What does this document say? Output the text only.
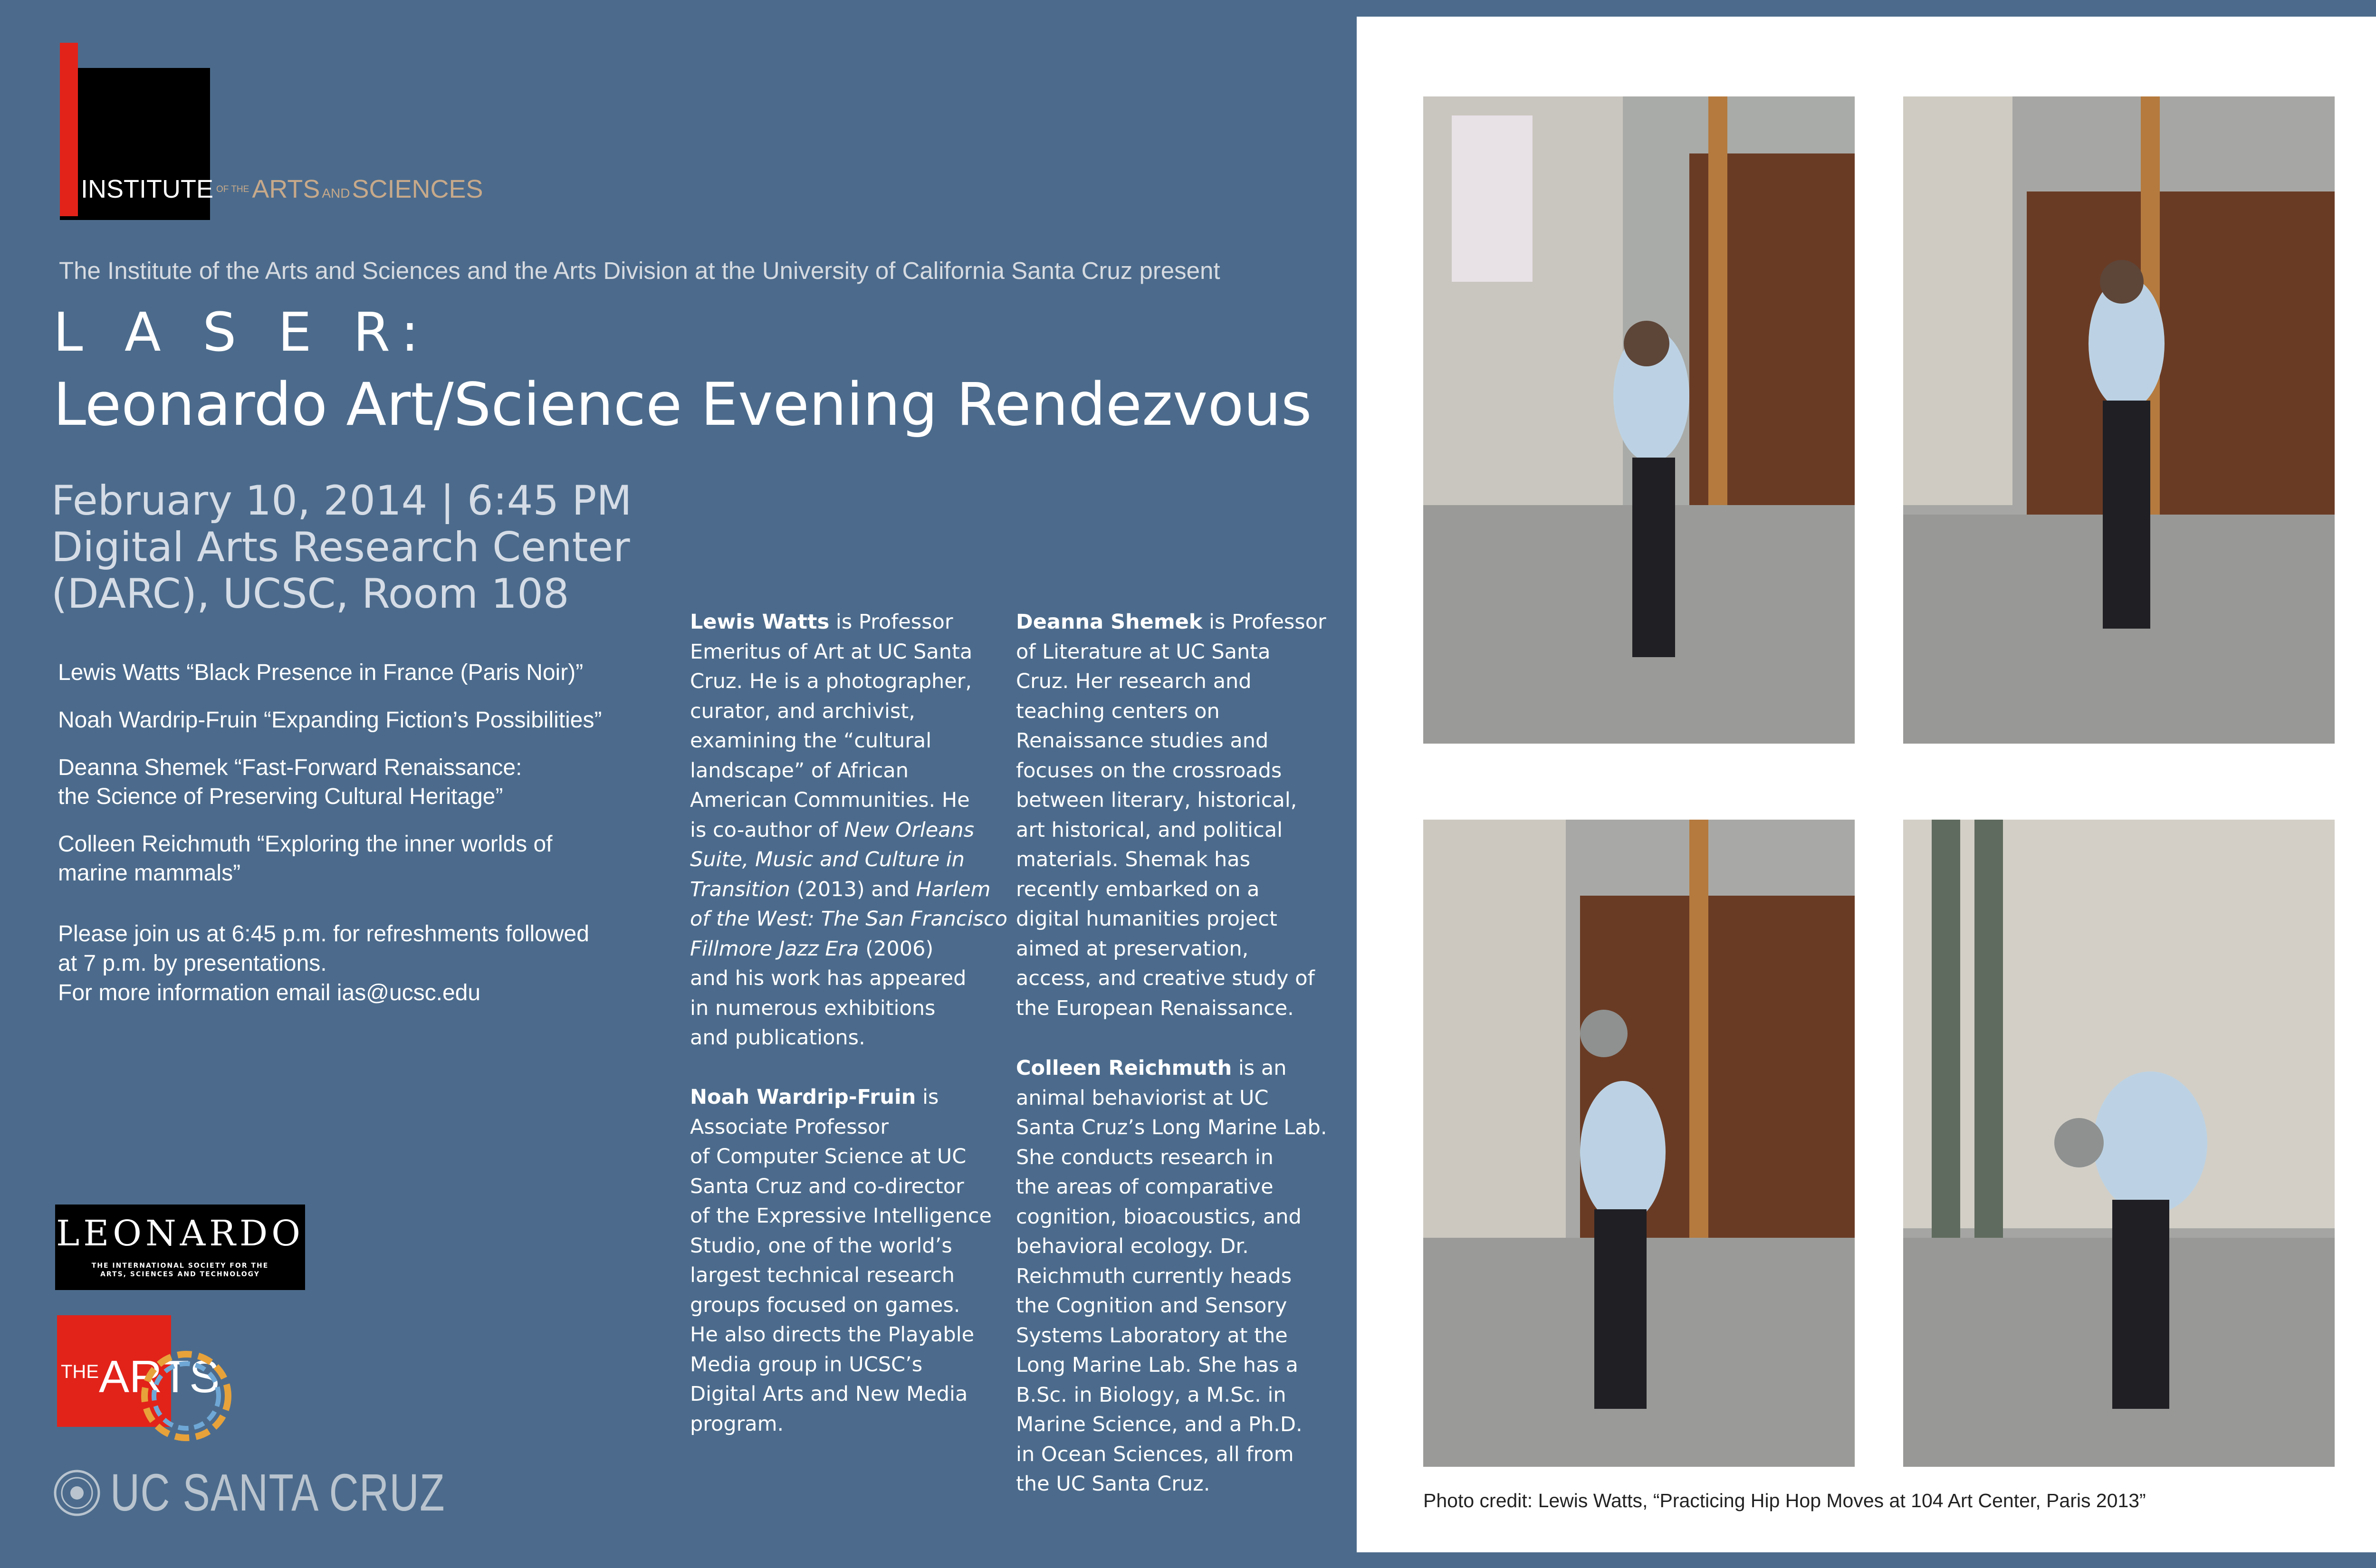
INSTITUTE OF THE ARTS ANDSCIENCES
The Institute of the Arts and Sciences and the Arts Division at the University of California Santa Cruz present
L A S E R:
Leonardo Art/Science Evening Rendezvous
February 10, 2014 | 6:45 PM
Digital Arts Research Center
(DARC), UCSC, Room 108
Lewis Watts “Black Presence in France (Paris Noir)”
Noah Wardrip-Fruin “Expanding Fiction’s Possibilities”
Deanna Shemek “Fast-Forward Renaissance:
the Science of Preserving Cultural Heritage”
Colleen Reichmuth “Exploring the inner worlds of
marine mammals”
Please join us at 6:45 p.m. for refreshments followed
at 7 p.m. by presentations.
For more information email ias@ucsc.edu
Lewis Watts is Professor
Emeritus of Art at UC Santa
Cruz. He is a photographer,
curator, and archivist,
examining the “cultural
landscape” of African
American Communities. He
is co-author of New Orleans
Suite, Music and Culture in
Transition (2013) and Harlem
of the West: The San Francisco
Fillmore Jazz Era (2006)
and his work has appeared
in numerous exhibitions
and publications.
Noah Wardrip-Fruin is
Associate Professor
of Computer Science at UC
Santa Cruz and co-director
of the Expressive Intelligence
Studio, one of the world’s
largest technical research
groups focused on games.
He also directs the Playable
Media group in UCSC’s
Digital Arts and New Media
program.
Deanna Shemek is Professor
of Literature at UC Santa
Cruz. Her research and
teaching centers on
Renaissance studies and
focuses on the crossroads
between literary, historical,
art historical, and political
materials. Shemak has
recently embarked on a
digital humanities project
aimed at preservation,
access, and creative study of
the European Renaissance.
Colleen Reichmuth is an
animal behaviorist at UC
Santa Cruz’s Long Marine Lab.
She conducts research in
the areas of comparative
cognition, bioacoustics, and
behavioral ecology. Dr.
Reichmuth currently heads
the Cognition and Sensory
Systems Laboratory at the
Long Marine Lab. She has a
B.Sc. in Biology, a M.Sc. in
Marine Science, and a Ph.D.
in Ocean Sciences, all from
the UC Santa Cruz.
LEONARDO
THE INTERNATIONAL SOCIETY FOR THE
ARTS, SCIENCES AND TECHNOLOGY
$^{THE}$ARTS
UC SANTA CRUZ	Photo credit: Lewis Watts, “Practicing Hip Hop Moves at 104 Art Center, Paris 2013”
